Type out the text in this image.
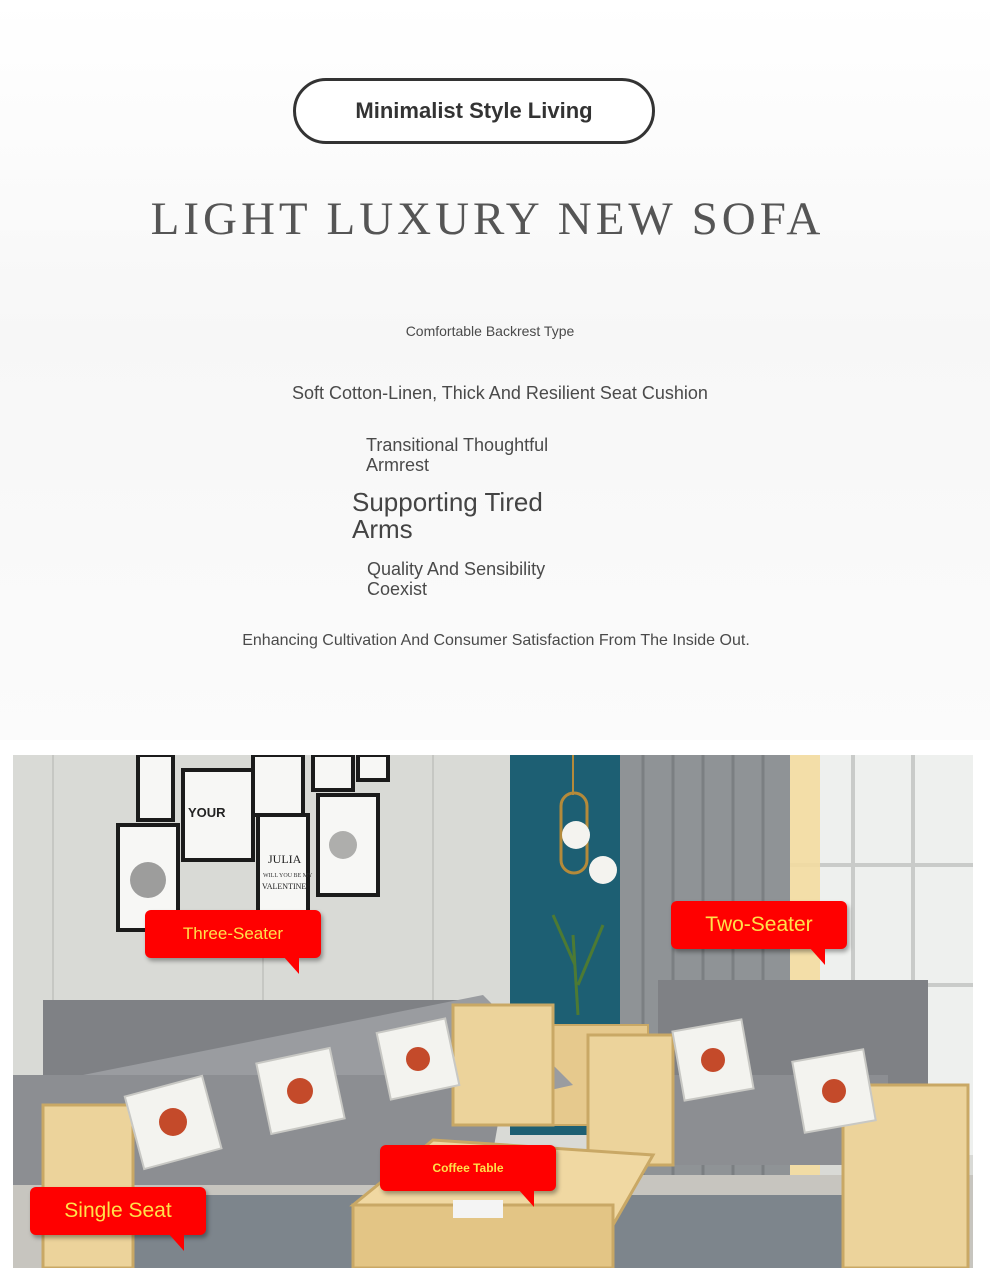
Minimalist Style Living
LIGHT LUXURY NEW SOFA
Comfortable Backrest Type
Soft Cotton-Linen, Thick And Resilient Seat Cushion
Transitional Thoughtful Armrest
Supporting Tired Arms
Quality And Sensibility Coexist
Enhancing Cultivation And Consumer Satisfaction From The Inside Out.
YOUR
JULIA
WILL YOU BE MY
VALENTINE?
Three-Seater	Two-Seater
Coffee Table
Single Seat
